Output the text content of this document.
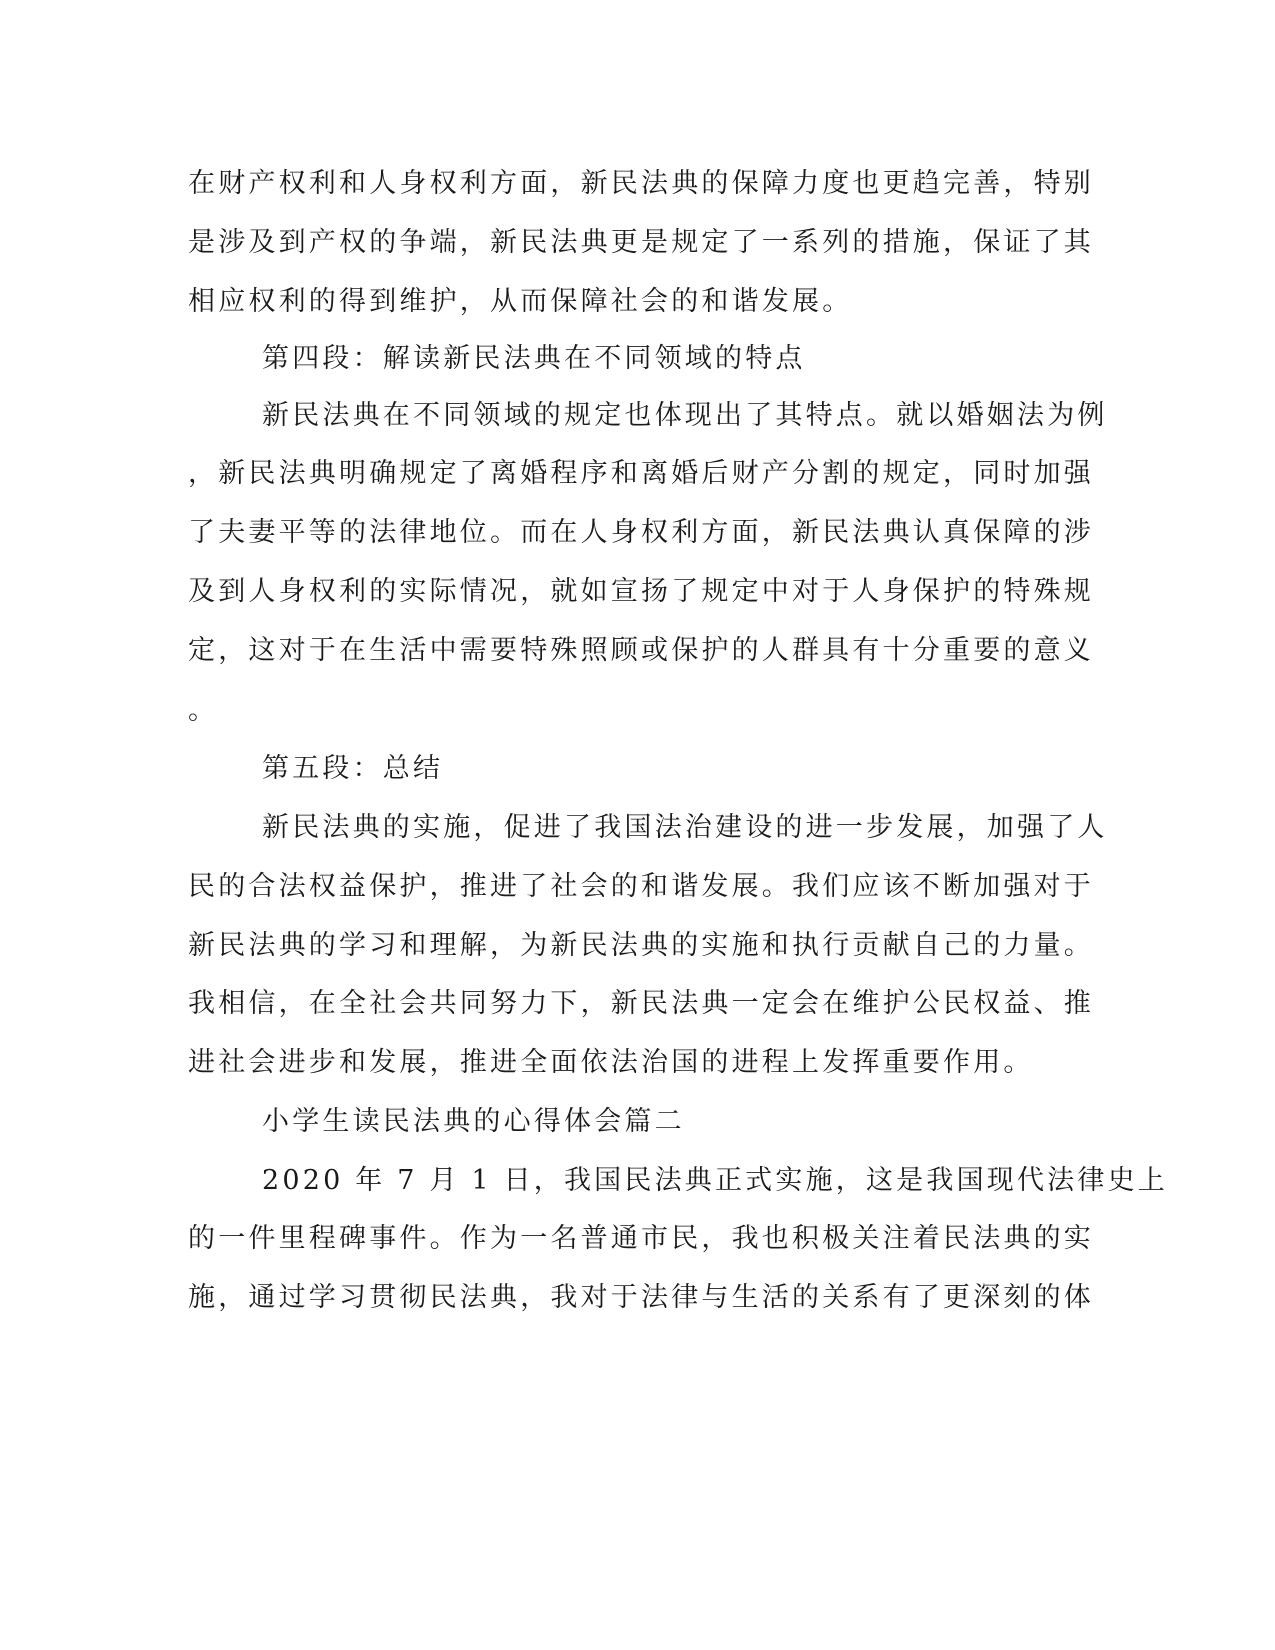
在财产权利和人身权利方面，新民法典的保障力度也更趋完善，特别
是涉及到产权的争端，新民法典更是规定了一系列的措施，保证了其
相应权利的得到维护，从而保障社会的和谐发展。
第四段：解读新民法典在不同领域的特点
新民法典在不同领域的规定也体现出了其特点。就以婚姻法为例
，新民法典明确规定了离婚程序和离婚后财产分割的规定，同时加强
了夫妻平等的法律地位。而在人身权利方面，新民法典认真保障的涉
及到人身权利的实际情况，就如宣扬了规定中对于人身保护的特殊规
定，这对于在生活中需要特殊照顾或保护的人群具有十分重要的意义
。
第五段：总结
新民法典的实施，促进了我国法治建设的进一步发展，加强了人
民的合法权益保护，推进了社会的和谐发展。我们应该不断加强对于
新民法典的学习和理解，为新民法典的实施和执行贡献自己的力量。
我相信，在全社会共同努力下，新民法典一定会在维护公民权益、推
进社会进步和发展，推进全面依法治国的进程上发挥重要作用。
小学生读民法典的心得体会篇二
2020 年 7 月 1 日，我国民法典正式实施，这是我国现代法律史上
的一件里程碑事件。作为一名普通市民，我也积极关注着民法典的实
施，通过学习贯彻民法典，我对于法律与生活的关系有了更深刻的体
